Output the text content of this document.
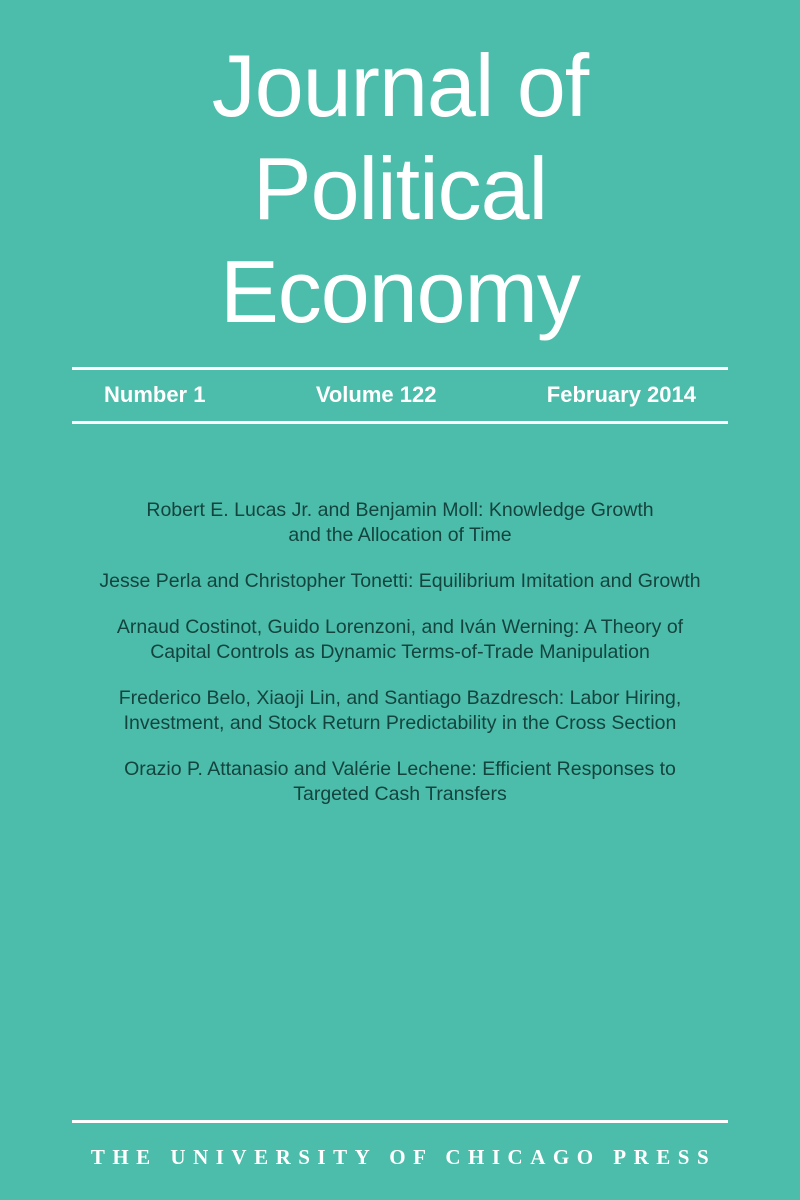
Journal of
Political
Economy
Number 1	Volume 122	February 2014
Robert E. Lucas Jr. and Benjamin Moll: Knowledge Growth
and the Allocation of Time
Jesse Perla and Christopher Tonetti: Equilibrium Imitation and Growth
Arnaud Costinot, Guido Lorenzoni, and Iván Werning: A Theory of
Capital Controls as Dynamic Terms-of-Trade Manipulation
Frederico Belo, Xiaoji Lin, and Santiago Bazdresch: Labor Hiring,
Investment, and Stock Return Predictability in the Cross Section
Orazio P. Attanasio and Valérie Lechene: Efficient Responses to
Targeted Cash Transfers
THE UNIVERSITY OF CHICAGO PRESS
